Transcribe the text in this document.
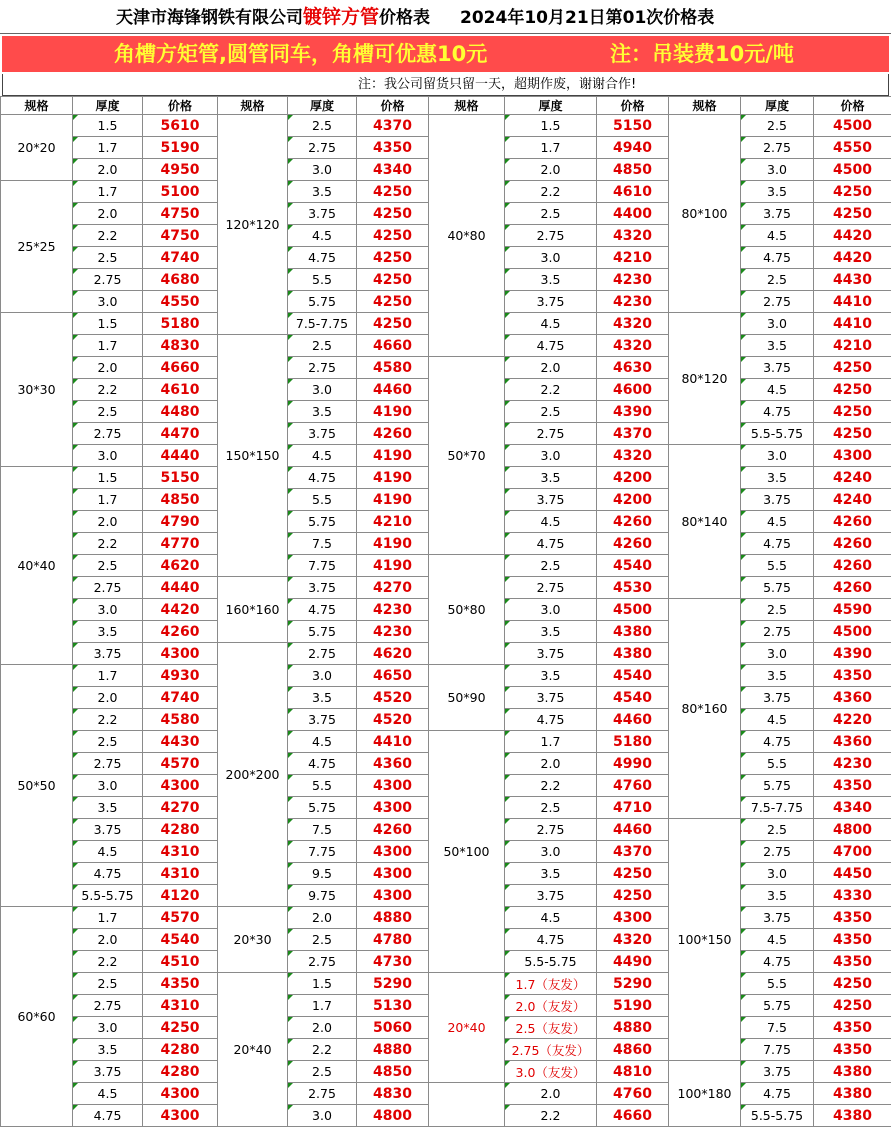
天津市海锋钢铁有限公司镀锌方管价格表 2024年10月21日第01次价格表
角槽方矩管,圆管同车，角槽可优惠10元	注：吊装费10元/吨
注：我公司留货只留一天，超期作废，谢谢合作!
规格	厚度	价格
20*20	1.5	5610
	1.7	5190
	2.0	4950
25*25	1.7	5100
	2.0	4750
	2.2	4750
	2.5	4740
	2.75	4680
	3.0	4550
30*30	1.5	5180
	1.7	4830
	2.0	4660
	2.2	4610
	2.5	4480
	2.75	4470
	3.0	4440
40*40	1.5	5150
	1.7	4850
	2.0	4790
	2.2	4770
	2.5	4620
	2.75	4440
	3.0	4420
	3.5	4260
	3.75	4300
50*50	1.7	4930
	2.0	4740
	2.2	4580
	2.5	4430
	2.75	4570
	3.0	4300
	3.5	4270
	3.75	4280
	4.5	4310
	4.75	4310
	5.5-5.75	4120
60*60	1.7	4570
	2.0	4540
	2.2	4510
	2.5	4350
	2.75	4310
	3.0	4250
	3.5	4280
	3.75	4280
	4.5	4300
	4.75	4300
规格	厚度	价格
120*120	2.5	4370
	2.75	4350
	3.0	4340
	3.5	4250
	3.75	4250
	4.5	4250
	4.75	4250
	5.5	4250
	5.75	4250
	7.5-7.75	4250
150*150	2.5	4660
	2.75	4580
	3.0	4460
	3.5	4190
	3.75	4260
	4.5	4190
	4.75	4190
	5.5	4190
	5.75	4210
	7.5	4190
	7.75	4190
160*160	3.75	4270
	4.75	4230
	5.75	4230
200*200	2.75	4620
	3.0	4650
	3.5	4520
	3.75	4520
	4.5	4410
	4.75	4360
	5.5	4300
	5.75	4300
	7.5	4260
	7.75	4300
	9.5	4300
	9.75	4300
20*30	2.0	4880
	2.5	4780
	2.75	4730
20*40	1.5	5290
	1.7	5130
	2.0	5060
	2.2	4880
	2.5	4850
	2.75	4830
	3.0	4800
规格	厚度	价格
40*80	1.5	5150
	1.7	4940
	2.0	4850
	2.2	4610
	2.5	4400
	2.75	4320
	3.0	4210
	3.5	4230
	3.75	4230
	4.5	4320
	4.75	4320
50*70	2.0	4630
	2.2	4600
	2.5	4390
	2.75	4370
	3.0	4320
	3.5	4200
	3.75	4200
	4.5	4260
	4.75	4260
50*80	2.5	4540
	2.75	4530
	3.0	4500
	3.5	4380
	3.75	4380
50*90	3.5	4540
	3.75	4540
	4.75	4460
50*100	1.7	5180
	2.0	4990
	2.2	4760
	2.5	4710
	2.75	4460
	3.0	4370
	3.5	4250
	3.75	4250
	4.5	4300
	4.75	4320
	5.5-5.75	4490
20*40	1.7（友发）	5290
	2.0（友发）	5190
	2.5（友发）	4880
	2.75（友发）	4860
	3.0（友发）	4810
	2.0	4760
	2.2	4660
规格	厚度	价格
80*100	2.5	4500
	2.75	4550
	3.0	4500
	3.5	4250
	3.75	4250
	4.5	4420
	4.75	4420
	2.5	4430
	2.75	4410
80*120	3.0	4410
	3.5	4210
	3.75	4250
	4.5	4250
	4.75	4250
	5.5-5.75	4250
80*140	3.0	4300
	3.5	4240
	3.75	4240
	4.5	4260
	4.75	4260
	5.5	4260
	5.75	4260
80*160	2.5	4590
	2.75	4500
	3.0	4390
	3.5	4350
	3.75	4360
	4.5	4220
	4.75	4360
	5.5	4230
	5.75	4350
	7.5-7.75	4340
100*150	2.5	4800
	2.75	4700
	3.0	4450
	3.5	4330
	3.75	4350
	4.5	4350
	4.75	4350
	5.5	4250
	5.75	4250
	7.5	4350
	7.75	4350
100*180	3.75	4380
	4.75	4380
	5.5-5.75	4380
